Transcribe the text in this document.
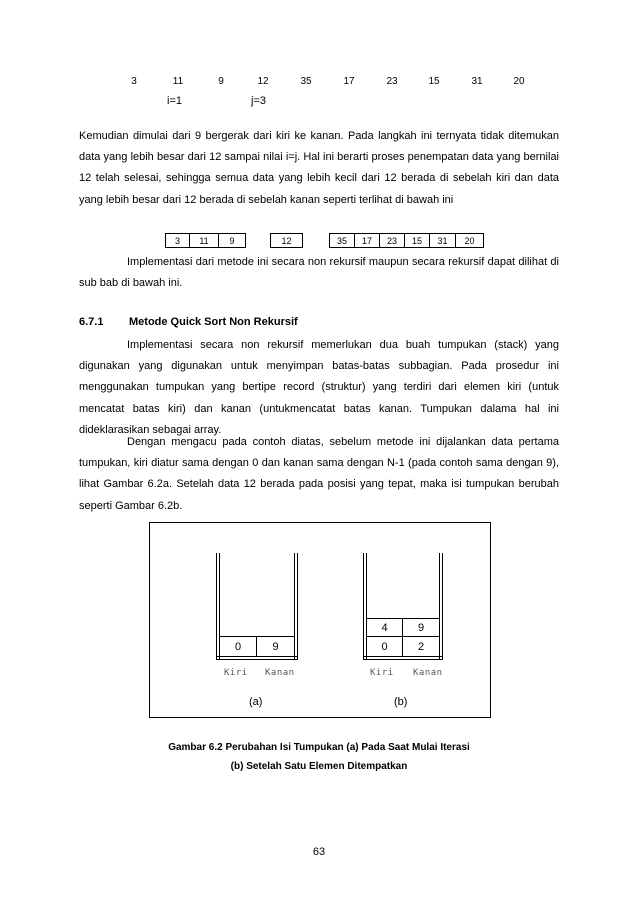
3	11	9	12	35	17	23	15	31	20
i=1	j=3

Kemudian dimulai dari 9 bergerak dari kiri ke kanan. Pada langkah ini ternyata tidak ditemukan data yang lebih besar dari 12 sampai nilai i=j. Hal ini berarti proses penempatan data yang bernilai 12 telah selesai, sehingga semua data yang lebih kecil dari 12 berada di sebelah kiri dan data yang lebih besar dari 12 berada di sebelah kanan seperti terlihat di bawah ini

3	11	9	12	35	17	23	15	31	20

Implementasi dari metode ini secara non rekursif maupun secara rekursif dapat dilihat di sub bab di bawah ini.

6.7.1 Metode Quick Sort Non Rekursif

Implementasi secara non rekursif memerlukan dua buah tumpukan (stack) yang digunakan yang digunakan untuk menyimpan batas-batas subbagian. Pada prosedur ini menggunakan tumpukan yang bertipe record (struktur) yang terdiri dari elemen kiri (untuk mencatat batas kiri) dan kanan (untukmencatat batas kanan. Tumpukan dalama hal ini dideklarasikan sebagai array.

Dengan mengacu pada contoh diatas, sebelum metode ini dijalankan data pertama tumpukan, kiri diatur sama dengan 0 dan kanan sama dengan N-1 (pada contoh sama dengan 9), lihat Gambar 6.2a. Setelah data 12 berada pada posisi yang tepat, maka isi tumpukan berubah seperti Gambar 6.2b.

0	9
Kiri Kanan
(a)
4	9
0	2
Kiri Kanan
(b)
Gambar 6.2 Perubahan Isi Tumpukan (a) Pada Saat Mulai Iterasi
(b) Setelah Satu Elemen Ditempatkan
63
